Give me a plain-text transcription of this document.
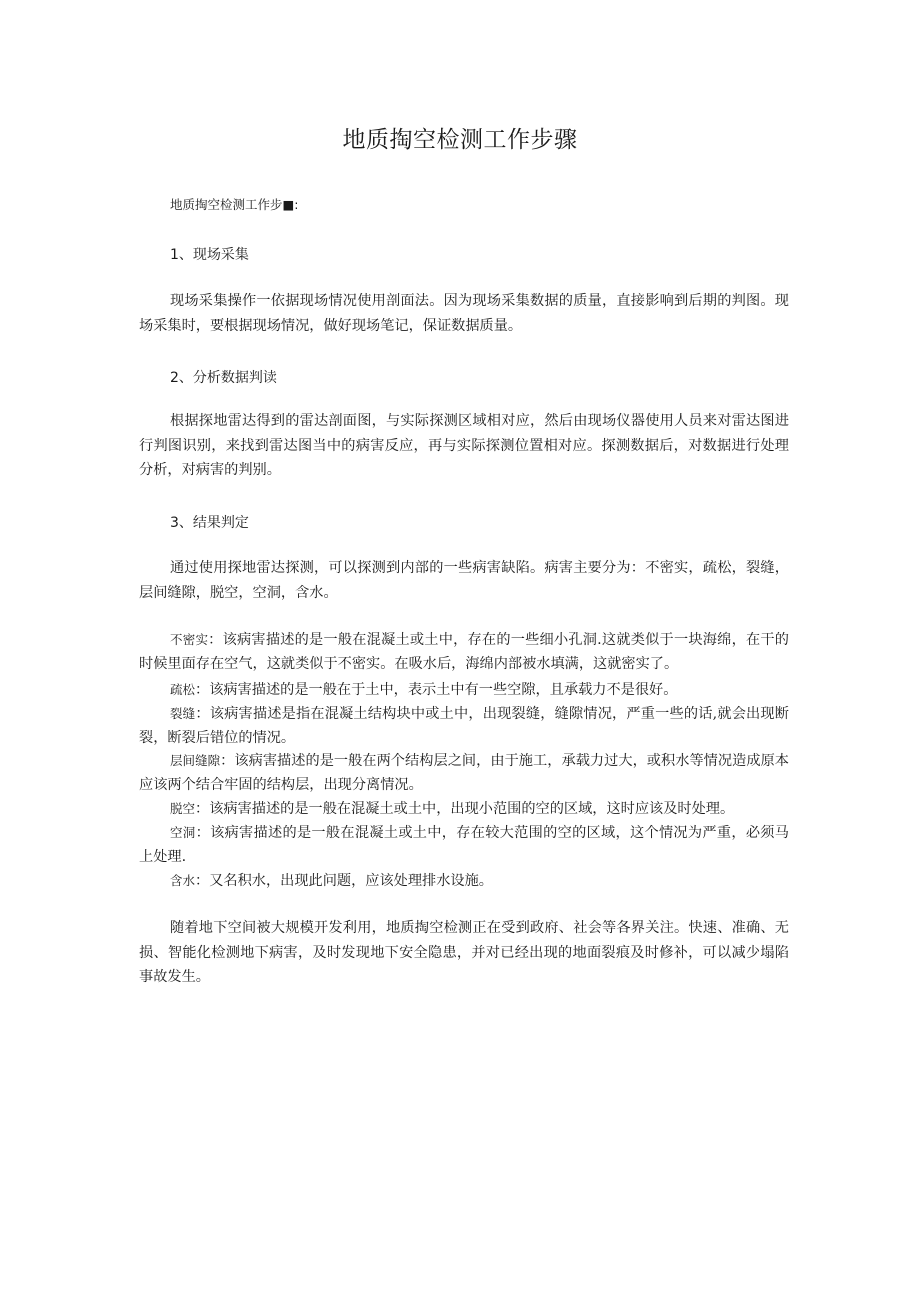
地质掏空检测工作步骤
地质掏空检测工作步■:
1、现场采集
现场采集操作一依据现场情况使用剖面法。因为现场采集数据的质量，直接影响到后期的判图。现场采集时，要根据现场情况，做好现场笔记，保证数据质量。
2、分析数据判读
根据探地雷达得到的雷达剖面图，与实际探测区域相对应，然后由现场仪器使用人员来对雷达图进行判图识别，来找到雷达图当中的病害反应，再与实际探测位置相对应。探测数据后，对数据进行处理分析，对病害的判别。
3、结果判定
通过使用探地雷达探测，可以探测到内部的一些病害缺陷。病害主要分为：不密实，疏松，裂缝，层间缝隙，脱空，空洞，含水。
不密实：该病害描述的是一般在混凝土或土中，存在的一些细小孔洞.这就类似于一块海绵，在干的时候里面存在空气，这就类似于不密实。在吸水后，海绵内部被水填满，这就密实了。
疏松：该病害描述的是一般在于土中，表示土中有一些空隙，且承载力不是很好。
裂缝：该病害描述是指在混凝土结构块中或土中，出现裂缝，缝隙情况，严重一些的话,就会出现断裂，断裂后错位的情况。
层间缝隙：该病害描述的是一般在两个结构层之间，由于施工，承载力过大，或积水等情况造成原本应该两个结合牢固的结构层，出现分离情况。
脱空：该病害描述的是一般在混凝土或土中，出现小范围的空的区域，这时应该及时处理。
空洞：该病害描述的是一般在混凝土或土中，存在较大范围的空的区域，这个情况为严重，必须马上处理.
含水：又名积水，出现此问题，应该处理排水设施。
随着地下空间被大规模开发利用，地质掏空检测正在受到政府、社会等各界关注。快速、准确、无损、智能化检测地下病害，及时发现地下安全隐患，并对已经出现的地面裂痕及时修补，可以减少塌陷事故发生。
